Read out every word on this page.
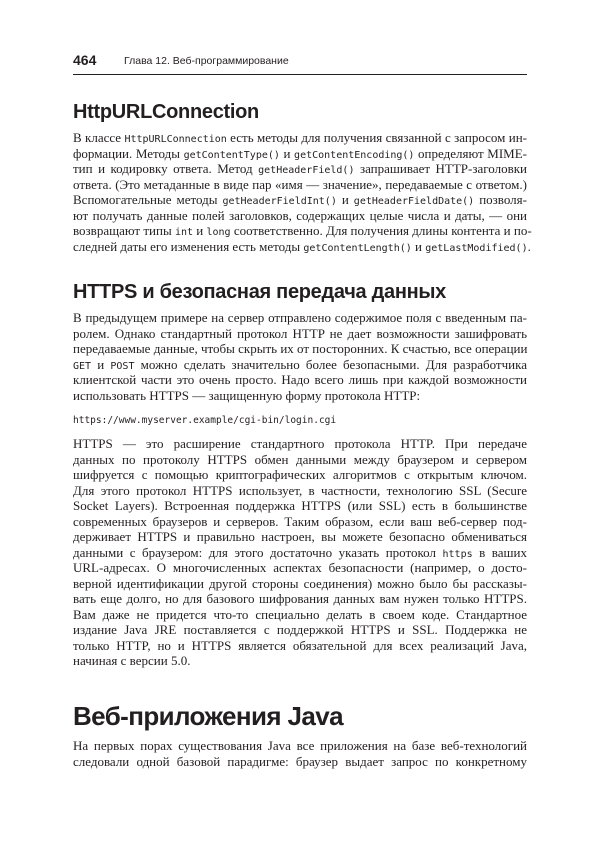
464	Глава 12. Веб-программирование
HttpURLConnection
В классе HttpURLConnection есть методы для получения связанной с запросом ин-
формации. Методы getContentType() и getContentEncoding() определяют MIME-
тип и кодировку ответа. Метод getHeaderField() запрашивает HTTP-заголовки
ответа. (Это метаданные в виде пар «имя — значение», передаваемые с ответом.)
Вспомогательные методы getHeaderFieldInt() и getHeaderFieldDate() позволя-
ют получать данные полей заголовков, содержащих целые числа и даты, — они
возвращают типы int и long соответственно. Для получения длины контента и по-
следней даты его изменения есть методы getContentLength() и getLastModified().
HTTPS и безопасная передача данных
В предыдущем примере на сервер отправлено содержимое поля с введенным па-
ролем. Однако стандартный протокол HTTP не дает возможности зашифровать
передаваемые данные, чтобы скрыть их от посторонних. К счастью, все операции
GET и POST можно сделать значительно более безопасными. Для разработчика
клиентской части это очень просто. Надо всего лишь при каждой возможности
использовать HTTPS — защищенную форму протокола HTTP:
https://www.myserver.example/cgi-bin/login.cgi
HTTPS — это расширение стандартного протокола HTTP. При передаче
данных по протоколу HTTPS обмен данными между браузером и сервером
шифруется с помощью криптографических алгоритмов с открытым ключом.
Для этого протокол HTTPS использует, в частности, технологию SSL (Secure
Socket Layers). Встроенная поддержка HTTPS (или SSL) есть в большинстве
современных браузеров и серверов. Таким образом, если ваш веб-сервер под-
держивает HTTPS и правильно настроен, вы можете безопасно обмениваться
данными с браузером: для этого достаточно указать протокол https в ваших
URL-адресах. О многочисленных аспектах безопасности (например, о досто-
верной идентификации другой стороны соединения) можно было бы рассказы-
вать еще долго, но для базового шифрования данных вам нужен только HTTPS.
Вам даже не придется что-то специально делать в своем коде. Стандартное
издание Java JRE поставляется с поддержкой HTTPS и SSL. Поддержка не
только HTTP, но и HTTPS является обязательной для всех реализаций Java,
начиная с версии 5.0.
Веб-приложения Java
На первых порах существования Java все приложения на базе веб-технологий
следовали одной базовой парадигме: браузер выдает запрос по конкретному
